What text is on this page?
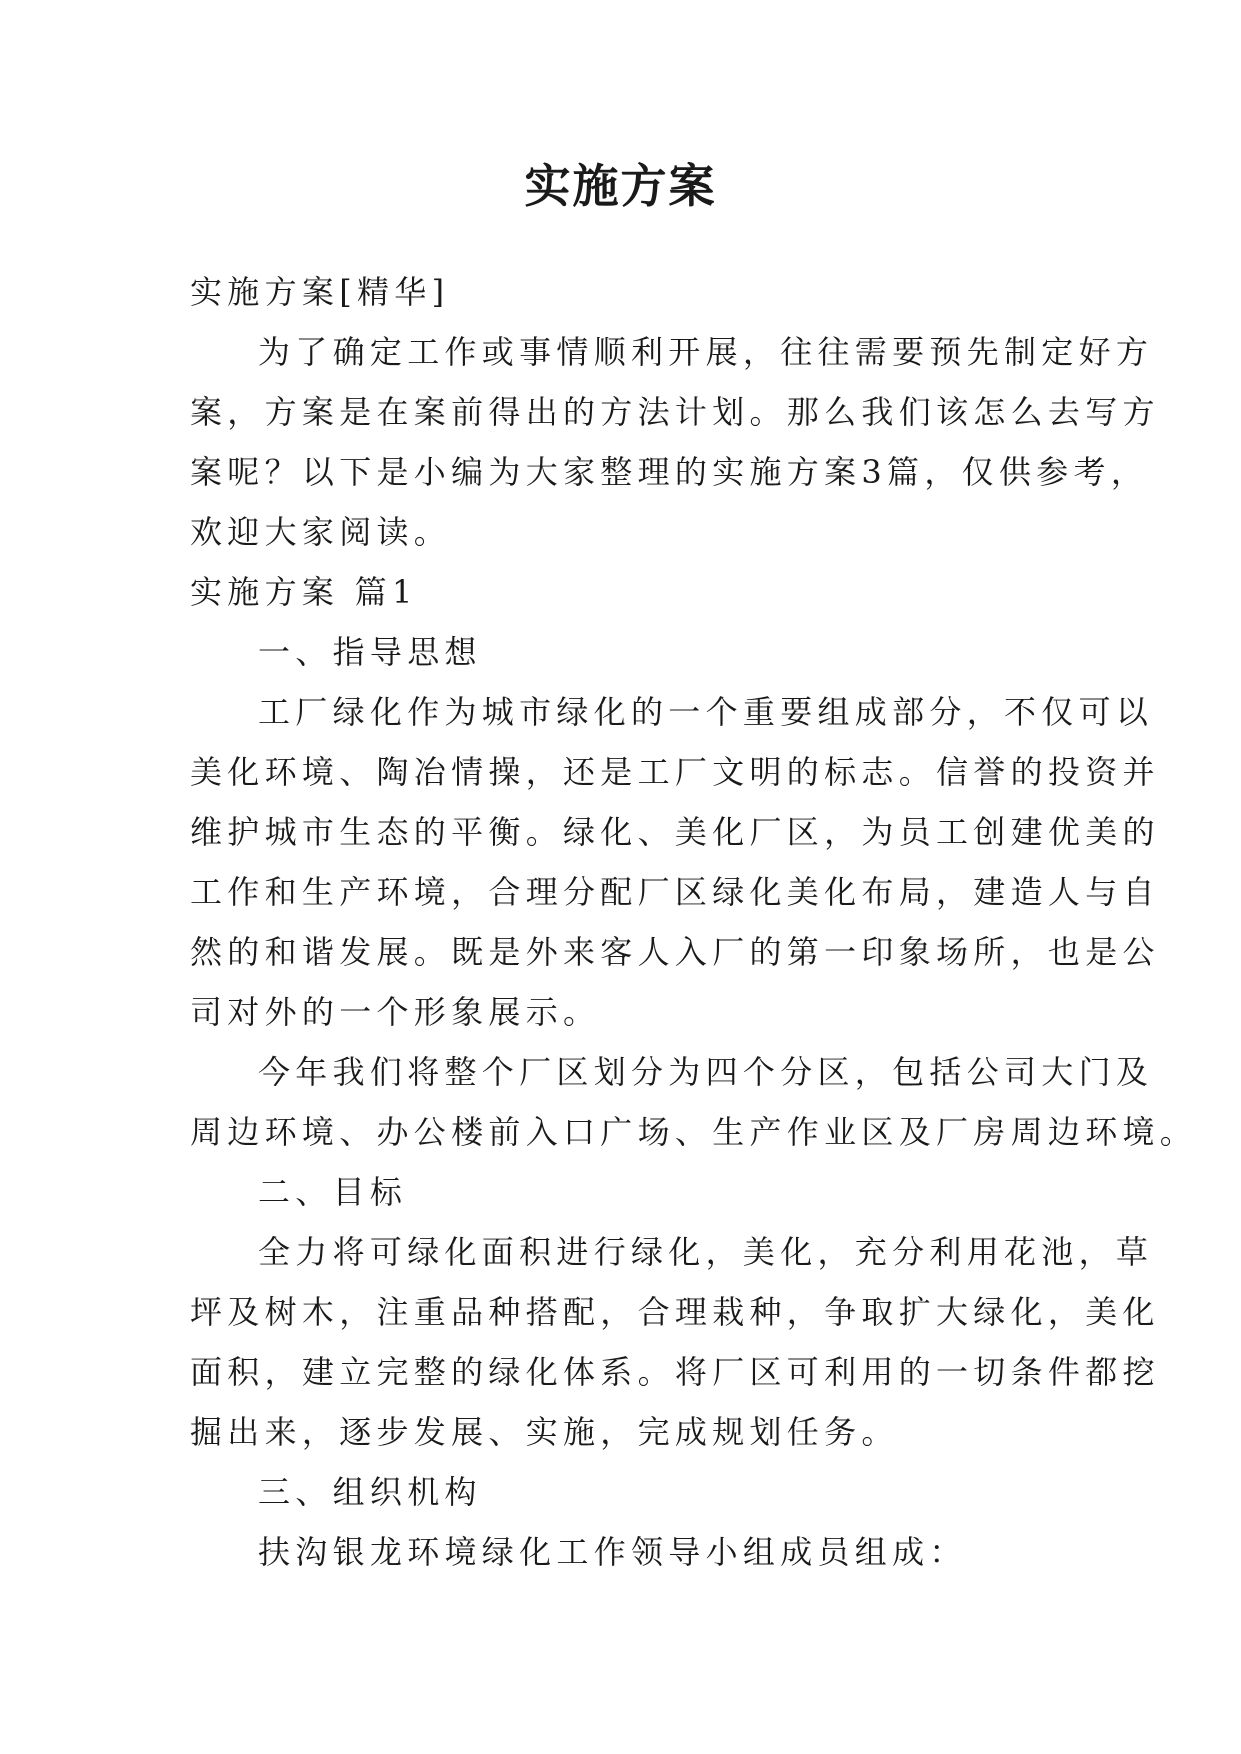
实施方案

实施方案[精华]

为了确定工作或事情顺利开展，往往需要预先制定好方

案，方案是在案前得出的方法计划。那么我们该怎么去写方

案呢？以下是小编为大家整理的实施方案3篇，仅供参考，

欢迎大家阅读。

实施方案 篇1

一、指导思想

工厂绿化作为城市绿化的一个重要组成部分，不仅可以

美化环境、陶冶情操，还是工厂文明的标志。信誉的投资并

维护城市生态的平衡。绿化、美化厂区，为员工创建优美的

工作和生产环境，合理分配厂区绿化美化布局，建造人与自

然的和谐发展。既是外来客人入厂的第一印象场所，也是公

司对外的一个形象展示。

今年我们将整个厂区划分为四个分区，包括公司大门及

周边环境、办公楼前入口广场、生产作业区及厂房周边环境。

二、目标

全力将可绿化面积进行绿化，美化，充分利用花池，草

坪及树木，注重品种搭配，合理栽种，争取扩大绿化，美化

面积，建立完整的绿化体系。将厂区可利用的一切条件都挖

掘出来，逐步发展、实施，完成规划任务。

三、组织机构

扶沟银龙环境绿化工作领导小组成员组成：
